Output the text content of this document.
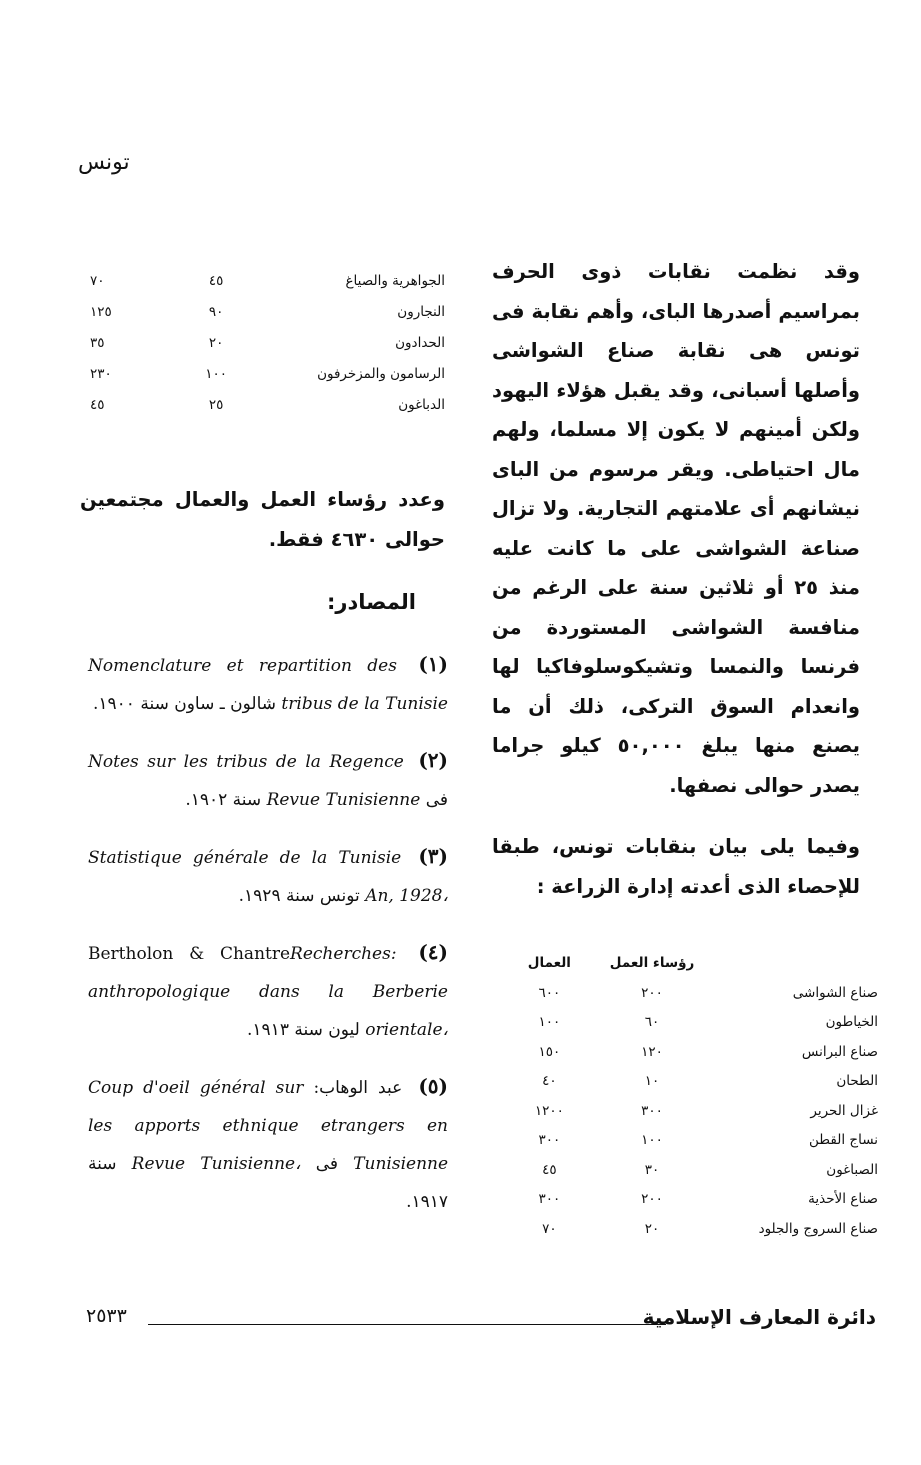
تونس

وقد نظمت نقابات ذوى الحرف بمراسيم أصدرها الباى، وأهم نقابة فى تونس هى نقابة صناع الشواشى وأصلها أسبانى، وقد يقبل هؤلاء اليهود ولكن أمينهم لا يكون إلا مسلما، ولهم مال احتياطى. ويقر مرسوم من الباى نيشانهم أى علامتهم التجارية. ولا تزال صناعة الشواشى على ما كانت عليه منذ ٢٥ أو ثلاثين سنة على الرغم من منافسة الشواشى المستوردة من فرنسا والنمسا وتشيكوسلوفاكيا لها وانعدام السوق التركى، ذلك أن ما يصنع منها يبلغ ٥٠,٠٠٠ كيلو جراما يصدر حوالى نصفها.

وفيما يلى بيان بنقابات تونس، طبقا للإحصاء الذى أعدته إدارة الزراعة :

	رؤساء العمل	العمال
صناع الشواشى	٢٠٠	٦٠٠
الخياطون	٦٠	١٠٠
صناع البرانس	١٢٠	١٥٠
الطحان	١٠	٤٠
غزال الحرير	٣٠٠	١٢٠٠
نساج القطن	١٠٠	٣٠٠
الصباغون	٣٠	٤٥
صناع الأحذية	٢٠٠	٣٠٠
صناع السروج والجلود	٢٠	٧٠
الجواهرية والصياغ	٤٥	٧٠
النجارون	٩٠	١٢٥
الحدادون	٢٠	٣٥
الرسامون والمزخرفون	١٠٠	٢٣٠
الدباغون	٢٥	٤٥

وعدد رؤساء العمل والعمال مجتمعين حوالى ٤٦٣٠ فقط.

المصادر:

(١) Nomenclature et repartition des tribus de la Tunisie شالون ـ ساون سنة ١٩٠٠.

(٢) Notes sur les tribus de la Regence فى Revue Tunisienne سنة ١٩٠٢.

(٣) Statistique générale de la Tunisie An, 1928، تونس سنة ١٩٢٩.

(٤) Recherches:Bertholon & Chantre anthropologique dans la Berberie orientale، ليون سنة ١٩١٣.

(٥) عبد الوهاب: Coup d'oeil général sur les apports ethnique etrangers en Tunisienne فى Revue Tunisienne، سنة ١٩١٧.

دائرة المعارف الإسلامية
٢٥٣٣
